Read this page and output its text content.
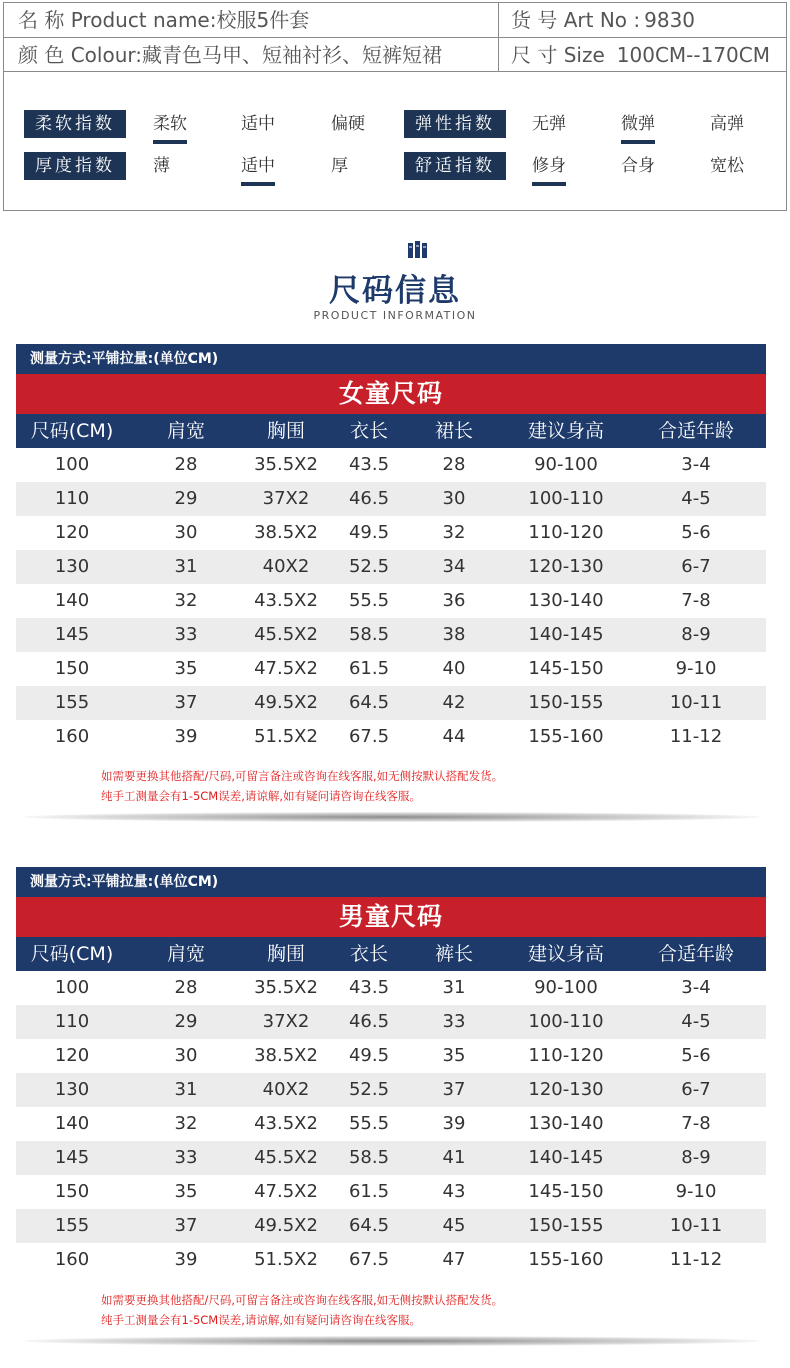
名 称 Product name:校服5件套	货 号 Art No : 9830
颜 色 Colour:藏青色马甲、短袖衬衫、短裤短裙	尺 寸 Size 100CM--170CM
柔软指数	柔软	适中	偏硬	弹性指数	无弹	微弹	高弹
厚度指数	薄	适中	厚	舒适指数	修身	合身	宽松
尺码信息
PRODUCT INFORMATION
测量方式:平铺拉量:(单位CM)
女童尺码
尺码(CM)	肩宽	胸围	衣长	裙长	建议身高	合适年龄
100	28	35.5X2	43.5	28	90-100	3-4
110	29	37X2	46.5	30	100-110	4-5
120	30	38.5X2	49.5	32	110-120	5-6
130	31	40X2	52.5	34	120-130	6-7
140	32	43.5X2	55.5	36	130-140	7-8
145	33	45.5X2	58.5	38	140-145	8-9
150	35	47.5X2	61.5	40	145-150	9-10
155	37	49.5X2	64.5	42	150-155	10-11
160	39	51.5X2	67.5	44	155-160	11-12
如需要更换其他搭配/尺码,可留言备注或咨询在线客服,如无侧按默认搭配发货。
纯手工测量会有1-5CM误差,请谅解,如有疑问请咨询在线客服。
测量方式:平铺拉量:(单位CM)
男童尺码
尺码(CM)	肩宽	胸围	衣长	裤长	建议身高	合适年龄
100	28	35.5X2	43.5	31	90-100	3-4
110	29	37X2	46.5	33	100-110	4-5
120	30	38.5X2	49.5	35	110-120	5-6
130	31	40X2	52.5	37	120-130	6-7
140	32	43.5X2	55.5	39	130-140	7-8
145	33	45.5X2	58.5	41	140-145	8-9
150	35	47.5X2	61.5	43	145-150	9-10
155	37	49.5X2	64.5	45	150-155	10-11
160	39	51.5X2	67.5	47	155-160	11-12
如需要更换其他搭配/尺码,可留言备注或咨询在线客服,如无侧按默认搭配发货。
纯手工测量会有1-5CM误差,请谅解,如有疑问请咨询在线客服。
